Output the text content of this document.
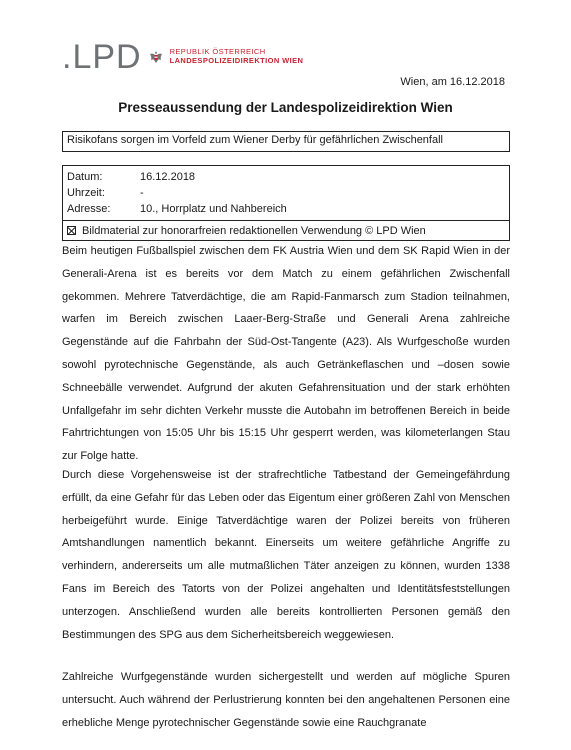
.LPD	REPUBLIK ÖSTERREICH
LANDESPOLIZEIDIREKTION WIEN
Wien, am 16.12.2018
Presseaussendung der Landespolizeidirektion Wien
Risikofans sorgen im Vorfeld zum Wiener Derby für gefährlichen Zwischenfall
Datum:	16.12.2018
Uhrzeit:	-
Adresse:	10., Horrplatz und Nahbereich
Bildmaterial zur honorarfreien redaktionellen Verwendung © LPD Wien

Beim heutigen Fußballspiel zwischen dem FK Austria Wien und dem SK Rapid Wien in der Generali-Arena ist es bereits vor dem Match zu einem gefährlichen Zwischenfall gekommen. Mehrere Tatverdächtige, die am Rapid-Fanmarsch zum Stadion teilnahmen, warfen im Bereich zwischen Laaer-Berg-Straße und Generali Arena zahlreiche Gegenstände auf die Fahrbahn der Süd-Ost-Tangente (A23). Als Wurfgeschoße wurden sowohl pyrotechnische Gegenstände, als auch Getränkeflaschen und –dosen sowie Schneebälle verwendet. Aufgrund der akuten Gefahrensituation und der stark erhöhten Unfallgefahr im sehr dichten Verkehr musste die Autobahn im betroffenen Bereich in beide Fahrtrichtungen von 15:05 Uhr bis 15:15 Uhr gesperrt werden, was kilometerlangen Stau zur Folge hatte.

Durch diese Vorgehensweise ist der strafrechtliche Tatbestand der Gemeingefährdung erfüllt, da eine Gefahr für das Leben oder das Eigentum einer größeren Zahl von Menschen herbeigeführt wurde. Einige Tatverdächtige waren der Polizei bereits von früheren Amtshandlungen namentlich bekannt. Einerseits um weitere gefährliche Angriffe zu verhindern, andererseits um alle mutmaßlichen Täter anzeigen zu können, wurden 1338 Fans im Bereich des Tatorts von der Polizei angehalten und Identitätsfeststellungen unterzogen. Anschließend wurden alle bereits kontrollierten Personen gemäß den Bestimmungen des SPG aus dem Sicherheitsbereich weggewiesen.

Zahlreiche Wurfgegenstände wurden sichergestellt und werden auf mögliche Spuren untersucht. Auch während der Perlustrierung konnten bei den angehaltenen Personen eine erhebliche Menge pyrotechnischer Gegenstände sowie eine Rauchgranate
